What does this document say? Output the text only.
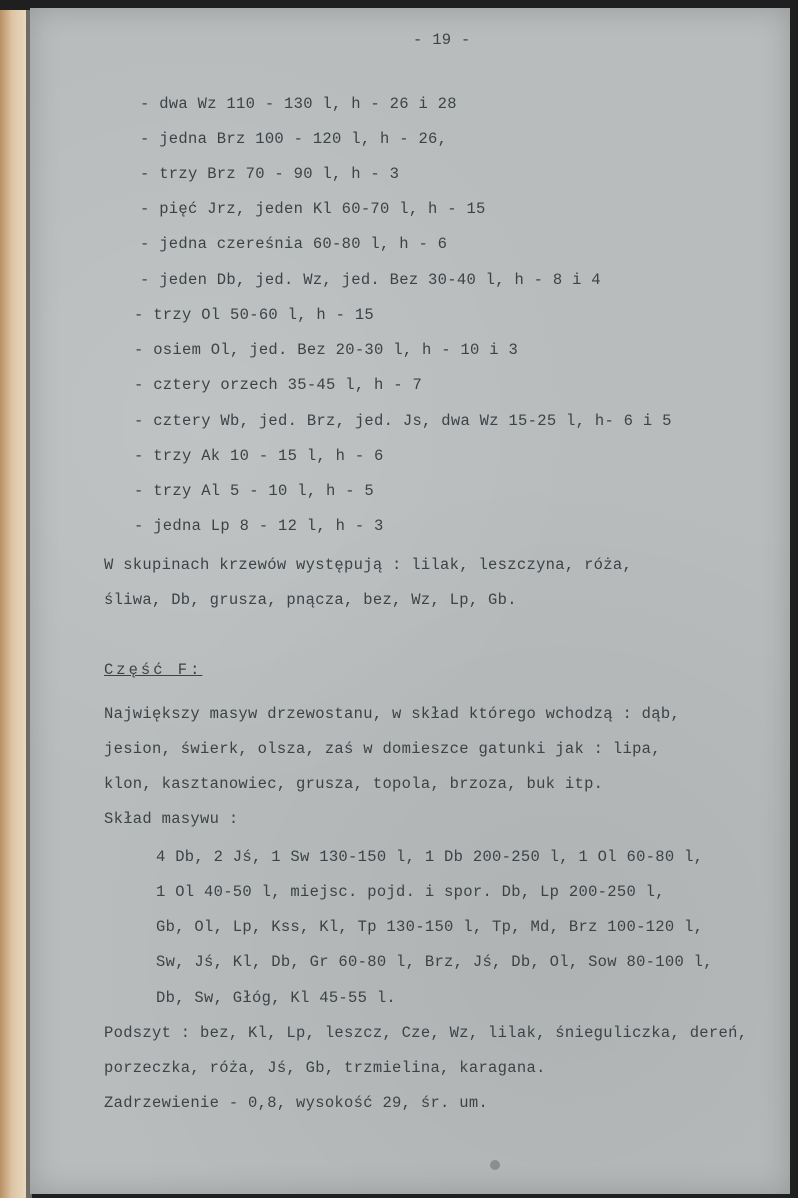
- 19 -

- dwa Wz 110 - 130 l, h - 26 i 28

- jedna Brz 100 - 120 l, h - 26,

- trzy Brz 70 - 90 l, h - 3

- pięć Jrz, jeden Kl 60-70 l, h - 15

- jedna czereśnia 60-80 l, h - 6

- jeden Db, jed. Wz, jed. Bez 30-40 l, h - 8 i 4

- trzy Ol 50-60 l, h - 15

- osiem Ol, jed. Bez 20-30 l, h - 10 i 3

- cztery orzech 35-45 l, h - 7

- cztery Wb, jed. Brz, jed. Js, dwa Wz 15-25 l, h- 6 i 5

- trzy Ak 10 - 15 l, h - 6

- trzy Al 5 - 10 l, h - 5

- jedna Lp 8 - 12 l, h - 3

W skupinach krzewów występują : lilak, leszczyna, róża,

śliwa, Db, grusza, pnącza, bez, Wz, Lp, Gb.

Część F:

Największy masyw drzewostanu, w skład którego wchodzą : dąb,

jesion, świerk, olsza, zaś w domieszce gatunki jak : lipa,

klon, kasztanowiec, grusza, topola, brzoza, buk itp.

Skład masywu :

4 Db, 2 Jś, 1 Sw 130-150 l, 1 Db 200-250 l, 1 Ol 60-80 l,

1 Ol 40-50 l, miejsc. pojd. i spor. Db, Lp 200-250 l,

Gb, Ol, Lp, Kss, Kl, Tp 130-150 l, Tp, Md, Brz 100-120 l,

Sw, Jś, Kl, Db, Gr 60-80 l, Brz, Jś, Db, Ol, Sow 80-100 l,

Db, Sw, Głóg, Kl 45-55 l.

Podszyt : bez, Kl, Lp, leszcz, Cze, Wz, lilak, śnieguliczka, dereń,

porzeczka, róża, Jś, Gb, trzmielina, karagana.

Zadrzewienie - 0,8, wysokość 29, śr. um.
